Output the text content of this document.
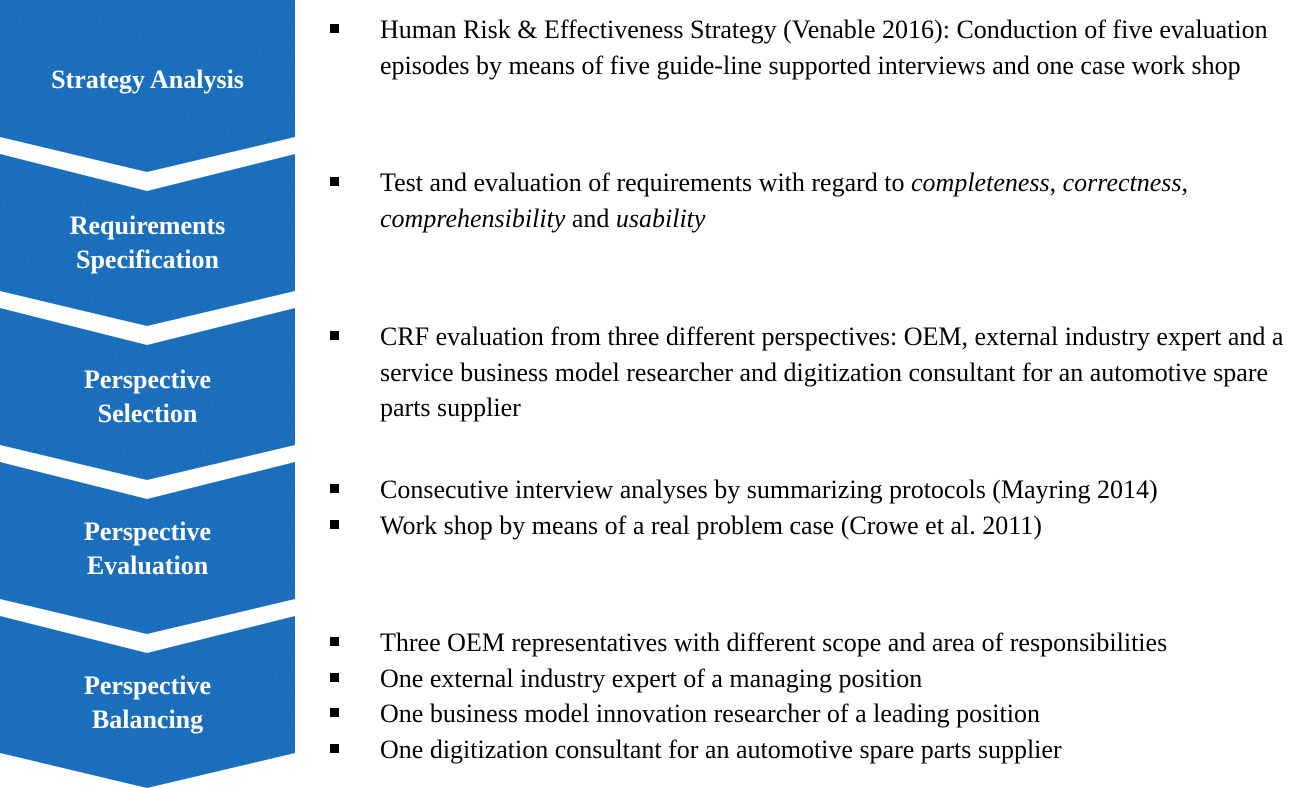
Strategy Analysis
Human Risk & Effectiveness Strategy (Venable 2016): Conduction of five evaluation episodes by means of five guide-line supported interviews and one case work shop
Requirements
Specification
Test and evaluation of requirements with regard to completeness, correctness, comprehensibility and usability
Perspective
Selection
CRF evaluation from three different perspectives: OEM, external industry expert and a service business model researcher and digitization consultant for an automotive spare parts supplier
Perspective
Evaluation
Consecutive interview analyses by summarizing protocols (Mayring 2014)
Work shop by means of a real problem case (Crowe et al. 2011)
Perspective
Balancing
Three OEM representatives with different scope and area of responsibilities
One external industry expert of a managing position
One business model innovation researcher of a leading position
One digitization consultant for an automotive spare parts supplier
